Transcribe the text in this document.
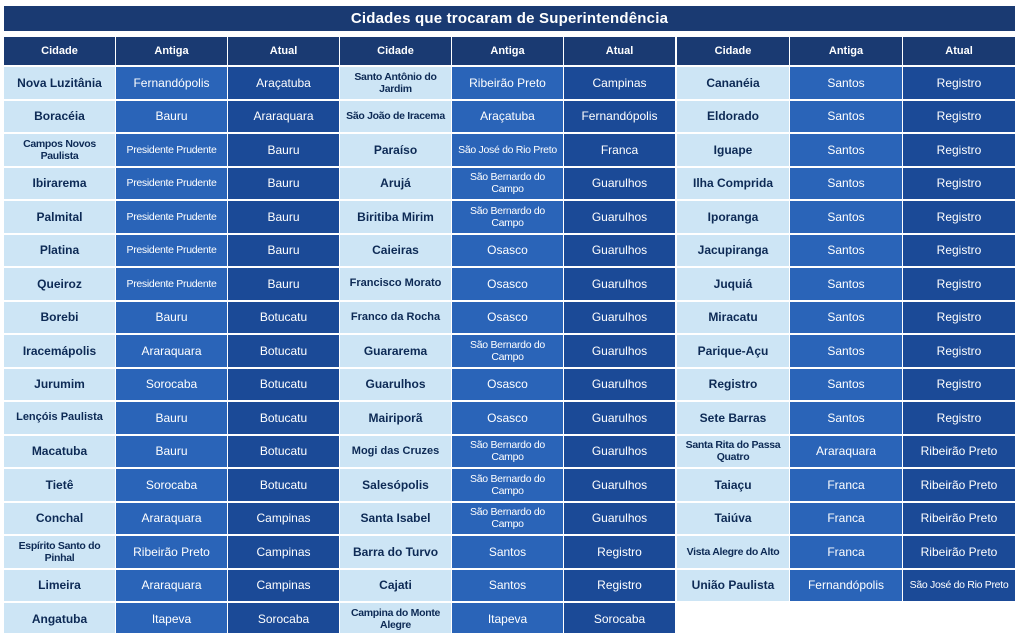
Cidades que trocaram de Superintendência
Cidade	Antiga	Atual
Nova Luzitânia	Fernandópolis	Araçatuba
Boracéia	Bauru	Araraquara
Campos Novos Paulista	Presidente Prudente	Bauru
Ibirarema	Presidente Prudente	Bauru
Palmital	Presidente Prudente	Bauru
Platina	Presidente Prudente	Bauru
Queiroz	Presidente Prudente	Bauru
Borebi	Bauru	Botucatu
Iracemápolis	Araraquara	Botucatu
Jurumim	Sorocaba	Botucatu
Lençóis Paulista	Bauru	Botucatu
Macatuba	Bauru	Botucatu
Tietê	Sorocaba	Botucatu
Conchal	Araraquara	Campinas
Espírito Santo do Pinhal	Ribeirão Preto	Campinas
Limeira	Araraquara	Campinas
Angatuba	Itapeva	Sorocaba
Cidade	Antiga	Atual
Santo Antônio do Jardim	Ribeirão Preto	Campinas
São João de Iracema	Araçatuba	Fernandópolis
Paraíso	São José do Rio Preto	Franca
Arujá	São Bernardo do Campo	Guarulhos
Biritiba Mirim	São Bernardo do Campo	Guarulhos
Caieiras	Osasco	Guarulhos
Francisco Morato	Osasco	Guarulhos
Franco da Rocha	Osasco	Guarulhos
Guararema	São Bernardo do Campo	Guarulhos
Guarulhos	Osasco	Guarulhos
Mairiporã	Osasco	Guarulhos
Mogi das Cruzes	São Bernardo do Campo	Guarulhos
Salesópolis	São Bernardo do Campo	Guarulhos
Santa Isabel	São Bernardo do Campo	Guarulhos
Barra do Turvo	Santos	Registro
Cajati	Santos	Registro
Campina do Monte Alegre	Itapeva	Sorocaba
Cidade	Antiga	Atual
Cananéia	Santos	Registro
Eldorado	Santos	Registro
Iguape	Santos	Registro
Ilha Comprida	Santos	Registro
Iporanga	Santos	Registro
Jacupiranga	Santos	Registro
Juquiá	Santos	Registro
Miracatu	Santos	Registro
Parique-Açu	Santos	Registro
Registro	Santos	Registro
Sete Barras	Santos	Registro
Santa Rita do Passa Quatro	Araraquara	Ribeirão Preto
Taiaçu	Franca	Ribeirão Preto
Taiúva	Franca	Ribeirão Preto
Vista Alegre do Alto	Franca	Ribeirão Preto
União Paulista	Fernandópolis	São José do Rio Preto
